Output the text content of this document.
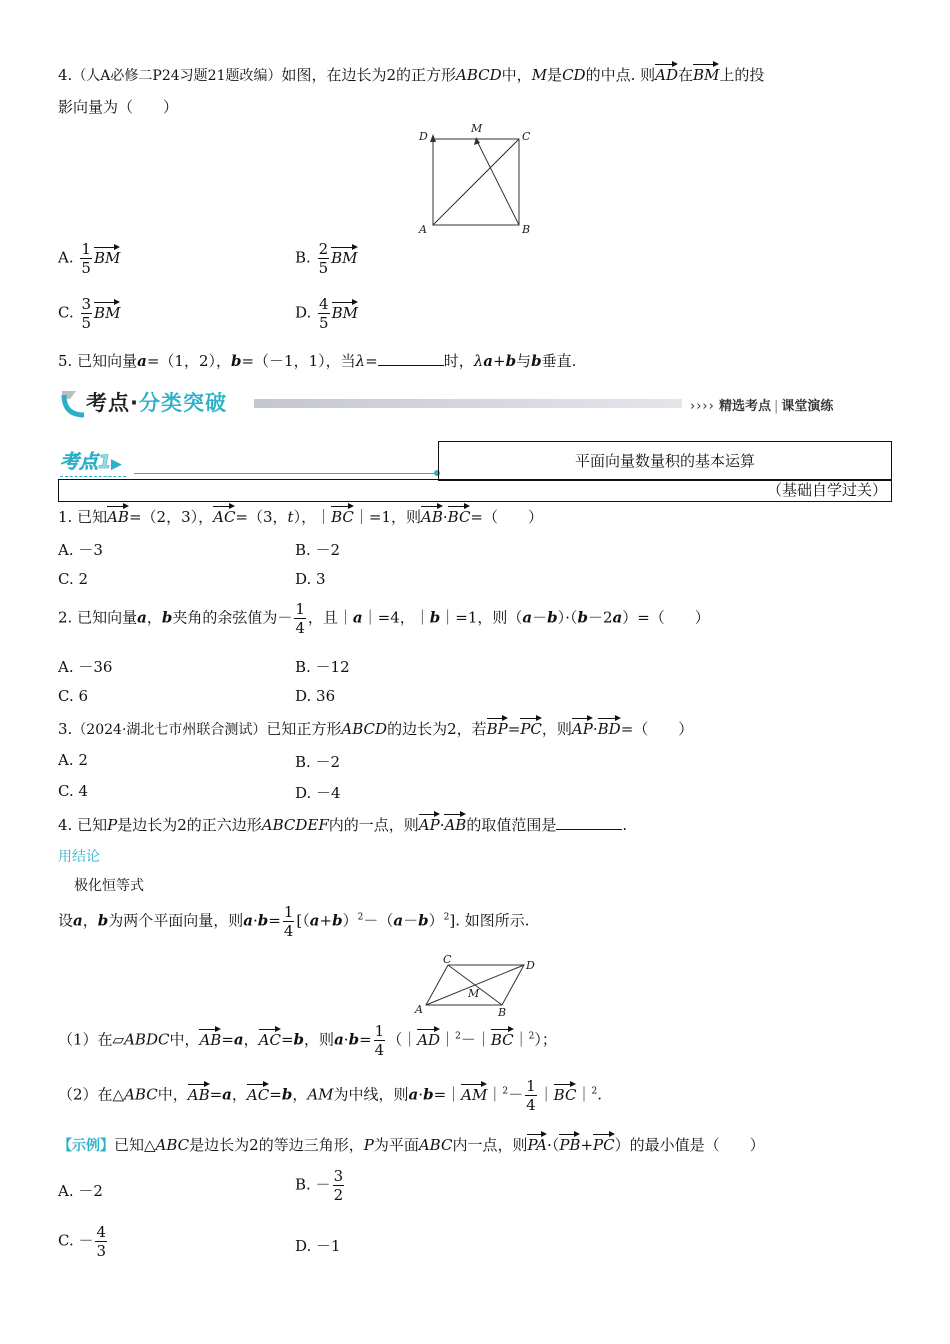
4.（人A必修二P24习题21题改编）如图，在边长为2的正方形ABCD中，M是CD的中点. 则AD在BM上的投
影向量为（　　）
D
M
C
A	B
A. $\frac{1}{5}$ BM	B. $\frac{2}{5}$ BM
C. $\frac{3}{5}$ BM	D. $\frac{4}{5}$ BM
5. 已知向量a=（1，2），b=（－1，1），当λ=	时，λa+b与b垂直.
考点·分类突破	›››› 精选考点 | 课堂演练
考点1▶	平面向量数量积的基本运算
（基础自学过关）
1. 已知AB=（2，3），AC=（3，t），｜BC｜=1，则AB·BC=（　　）
A. －3	B. －2
C. 2	D. 3
2. 已知向量a，b夹角的余弦值为－ $\frac{1}{4}$ ，且｜a｜=4，｜b｜=1，则（a－b）·（b－2a）=（　　）
A. －36	B. －12
C. 6	D. 36
3.（2024·湖北七市州联合测试）已知正方形ABCD的边长为2，若BP=PC，则AP·BD=（　　）
A. 2	B. －2
C. 4	D. －4
4. 已知P是边长为2的正六边形ABCDEF内的一点，则AP·AB的取值范围是	.
用结论
极化恒等式
设a，b为两个平面向量，则$a\cdot b= \frac{1}{4} [(a+b)^2-(a-b)^2]$. 如图所示.
C	D
M
A	B
（1）在▱ABDC中，AB=a，AC=b，则$a\cdot b= \frac{1}{4}$ （｜AD｜$^2$－｜BC｜$^2$）；
（2）在△ABC中，AB=a，AC=b，AM为中线，则a·b=｜AM｜$^2$－ $\frac{1}{4}$ ｜BC｜$^2$.
【示例】已知△ABC是边长为2的等边三角形，P为平面ABC内一点，则PA·（PB+PC）的最小值是（　　）
A. －2	B. － $\frac{3}{2}$
C. － $\frac{4}{3}$	D. －1
